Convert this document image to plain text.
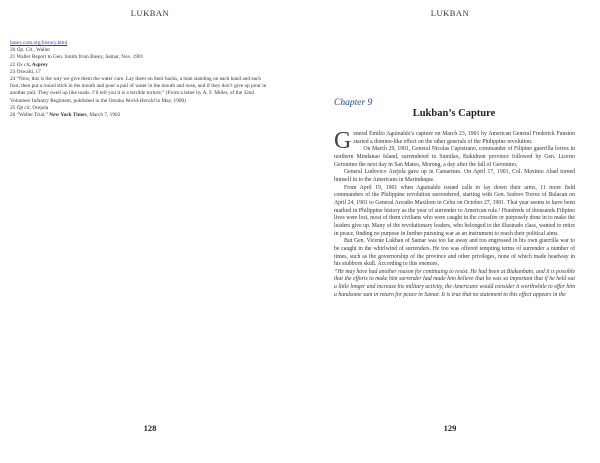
LUKBAN

basey.com.org/history.html

20 Op. Cit., Waller

21 Waller Report to Gen. Smith from Basey, Samar, Nov. 1901

22 Ov cit, Asprey

23 Oswald, 17

24 “Now, this is the way we give them the water cure. Lay them on their backs, a man standing on each hand and each foot, then put a round stick in the mouth and pour a pail of water in the mouth and nose, and if they don’t give up pour in another pail. They swell up like toads. I’ll tell you it is a terrible torture.” (From a letter by A. F. Miller, of the 32nd Volunteer Infantry Regiment, published in the Omaha World-Herald in May, 1900)

25 Op cit, Orejola

26 “Waller Trial,” New York Times, March 7, 1902

128
LUKBAN
Chapter 9
Lukban’s Capture

General Emilio Aguinaldo’s capture on March 23, 1901 by American General Frederick Funston started a domino-like effect on the other generals of the Philippine revolution.

On March 29, 1901, General Nicolas Capistrano, commander of Filipino guerrilla forces in northern Mindanao Island, surrendered in Sumilao, Bukidnon province followed by Gen. Licerio Geronimo the next day in San Mateo, Morong, a day after the fall of Geronimo,

General Ludovico Arejola gave up in Camarines. On April 17, 1901, Col. Maximo Abad turned himself in to the Americans in Marinduque.

From April 19, 1901 when Aguinaldo issued calls to lay down their arms, 11 more field commanders of the Philippine revolution surrendered, starting with Gen. Isidoro Torres of Bulacan on April 24, 1901 to General Arcadio Maxilom in Cebu on October 27, 1901. That year seems to have been marked in Philippine history as the year of surrender to American rule.¹ Hundreds of thousands Filipino lives were lost, most of them civilians who were caught in the crossfire or purposely done in to make the leaders give up. Many of the revolutionary leaders, who belonged to the illustrado class, wanted to retire in peace, finding no purpose in further pursuing war as an instrument to reach their political aims.

But Gen. Vicente Lukban of Samar was too far away and too engrossed in his own guerrilla war to be caught in the whirlwind of surrenders. He too was offered tempting terms of surrender a number of times, such as the governorship of the province and other privileges, none of which made headway in his stubborn skull. According to this enemies,

“He may have had another reason for continuing to resist. He had been at Biakanbato, and it is possible that the efforts to make him surrender had made him believe that he was so important that if he held out a little longer and increase his military activity, the Americans would consider it worthwhile to offer him a handsome sum in return for peace in Samar. It is true that no statement to this effect appears in the

129
